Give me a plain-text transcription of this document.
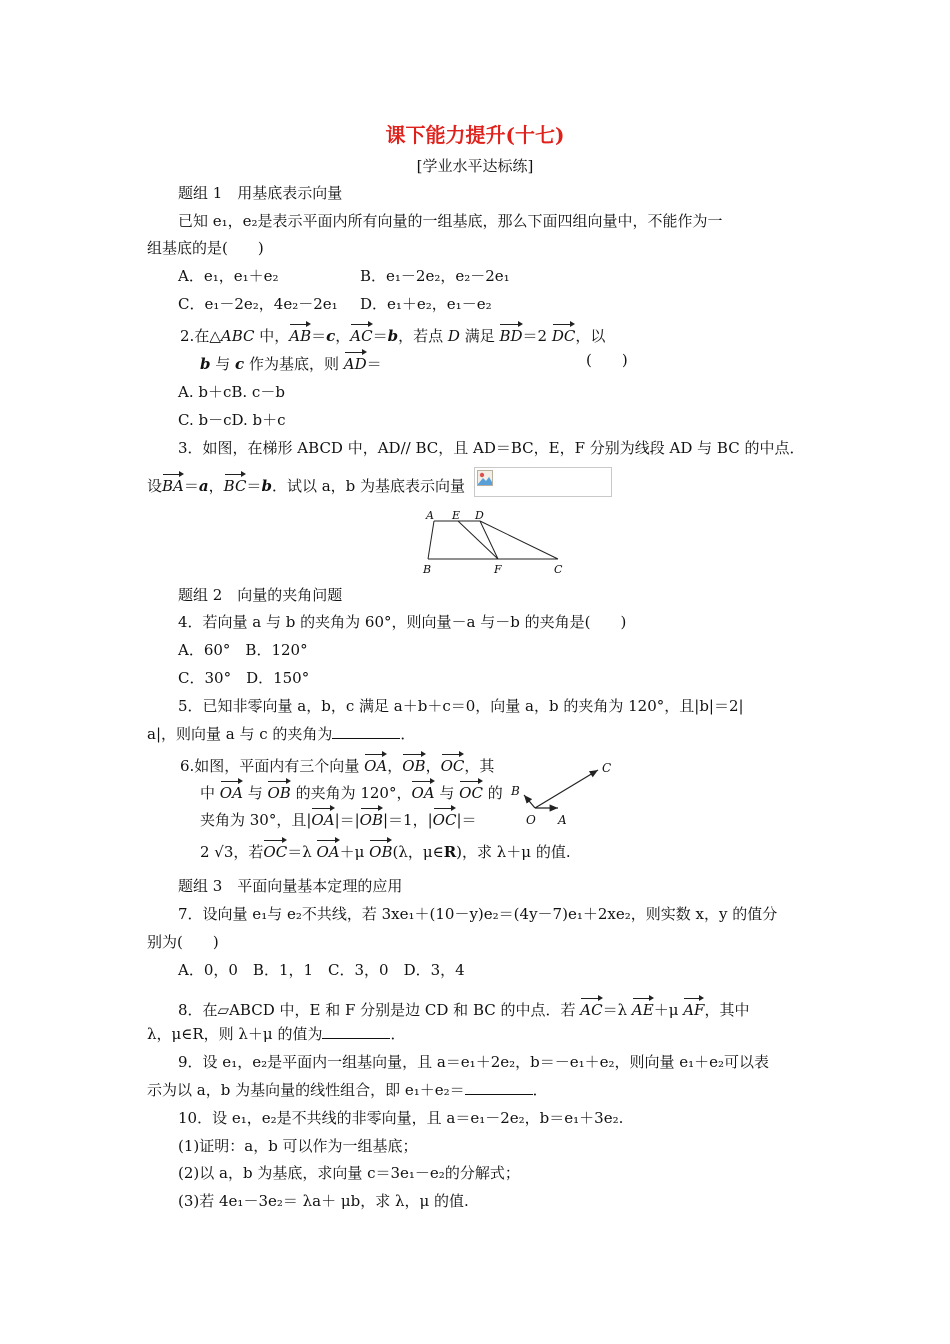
课下能力提升(十七)
[学业水平达标练]
题组 1　用基底表示向量
已知 e₁，e₂是表示平面内所有向量的一组基底，那么下面四组向量中，不能作为一
组基底的是(　　)
A．e₁，e₁＋e₂	B．e₁－2e₂，e₂－2e₁
C．e₁－2e₂，4e₂－2e₁ D．e₁＋e₂，e₁－e₂
2.在△ABC 中，AB＝c，AC＝b，若点 D 满足 BD＝2 DC，以
b 与 c 作为基底，则 AD＝	(　　)
A. b＋cB. c－b
C. b－cD. b＋c
3．如图，在梯形 ABCD 中，AD// BC，且 AD＝BC，E，F 分别为线段 AD 与 BC 的中点．
设BA＝a，BC＝b．试以 a，b 为基底表示向量
A E D
B	F	C
题组 2　向量的夹角问题
4．若向量 a 与 b 的夹角为 60°，则向量－a 与－b 的夹角是(　　)
A．60°　B．120°
C．30°　D．150°
5．已知非零向量 a，b，c 满足 a＋b＋c＝0，向量 a，b 的夹角为 120°，且|b|＝2|
a|，则向量 a 与 c 的夹角为	．
6.如图，平面内有三个向量 OA，OB，OC，其
中 OA 与 OB 的夹角为 120°，OA 与 OC 的
夹角为 30°，且|OA|＝|OB|＝1，|OC|＝
2 √3，若OC＝λ OA＋μ OB(λ，μ∈R)，求 λ＋μ 的值.
C
B
O A
题组 3　平面向量基本定理的应用
7．设向量 e₁与 e₂不共线，若 3xe₁＋(10－y)e₂＝(4y－7)e₁＋2xe₂，则实数 x，y 的值分
别为(　　)
A．0，0　B．1，1　C．3，0　D．3，4
8．在▱ABCD 中，E 和 F 分别是边 CD 和 BC 的中点．若 AC＝λ AE＋μ AF，其中
λ，μ∈R，则 λ＋μ 的值为	．
9．设 e₁，e₂是平面内一组基向量，且 a＝e₁＋2e₂，b＝－e₁＋e₂，则向量 e₁＋e₂可以表
示为以 a，b 为基向量的线性组合，即 e₁＋e₂＝	．
10．设 e₁，e₂是不共线的非零向量，且 a＝e₁－2e₂，b＝e₁＋3e₂.
(1)证明：a，b 可以作为一组基底；
(2)以 a，b 为基底，求向量 c＝3e₁－e₂的分解式；
(3)若 4e₁－3e₂＝ λa＋ μb，求 λ，μ 的值.
